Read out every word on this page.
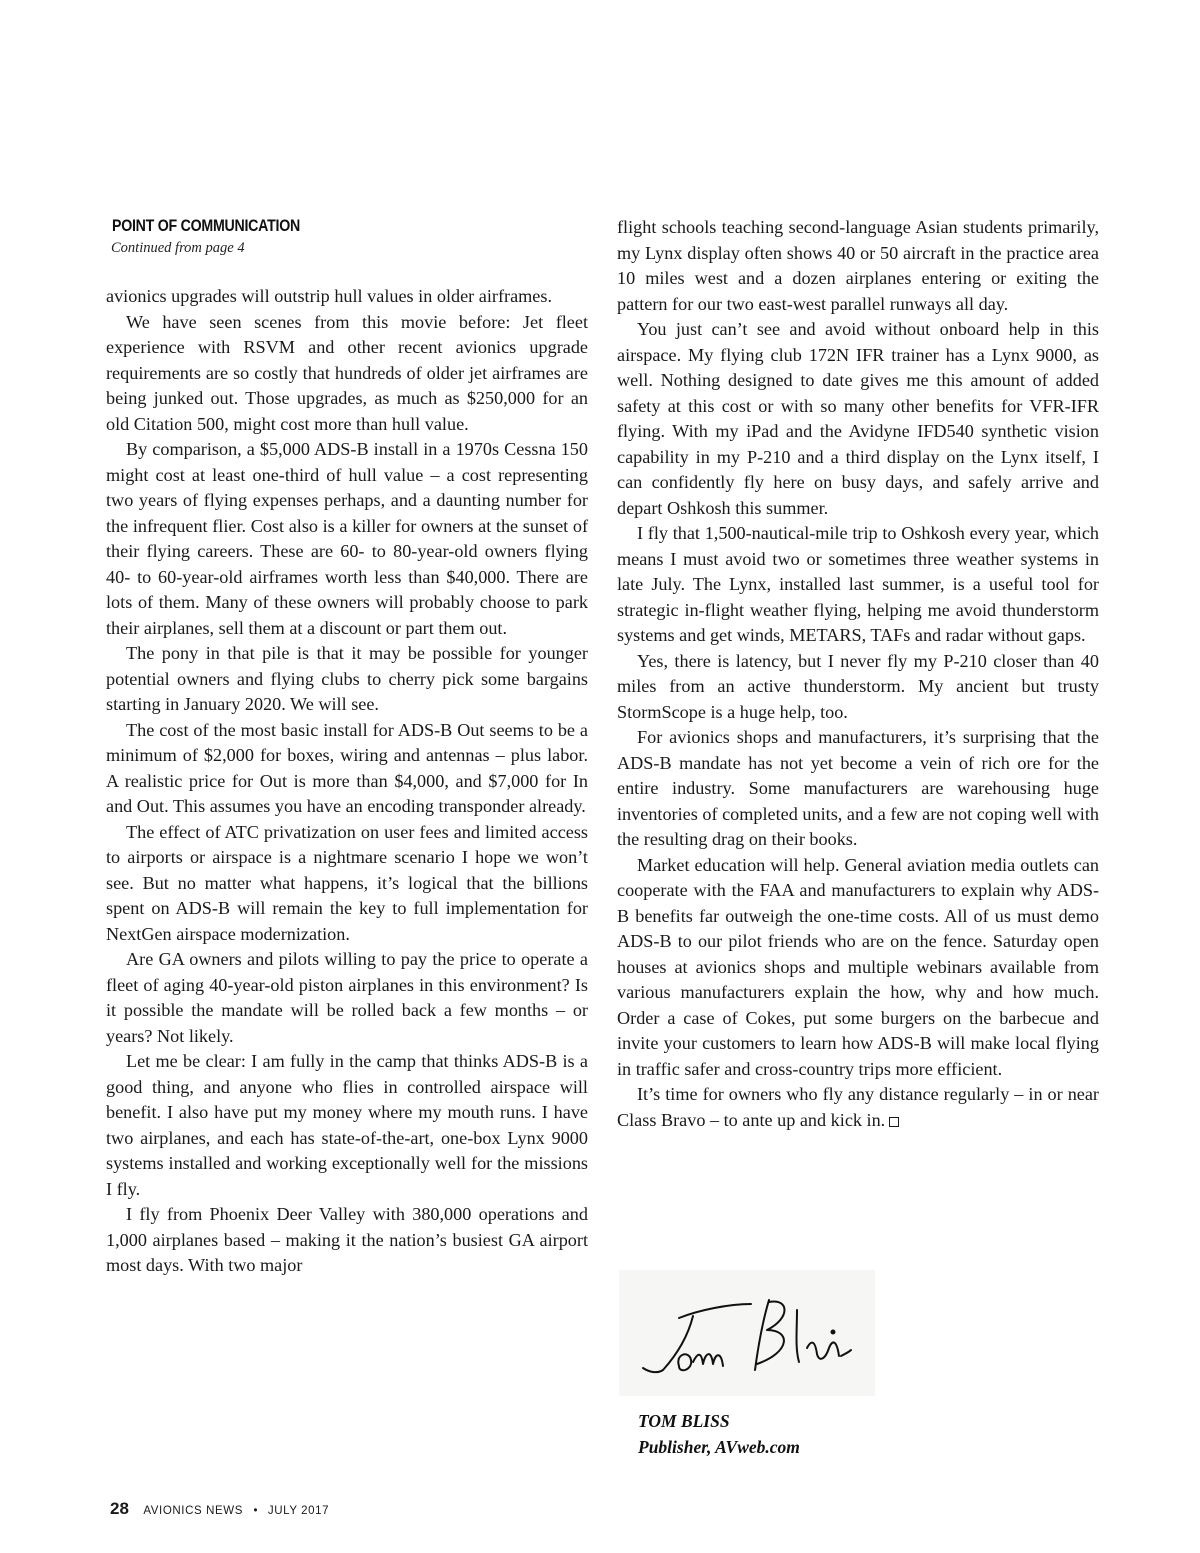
POINT OF COMMUNICATION
Continued from page 4

avionics upgrades will outstrip hull values in older airframes.

We have seen scenes from this movie before: Jet fleet experience with RSVM and other recent avionics upgrade requirements are so costly that hundreds of older jet airframes are being junked out. Those upgrades, as much as $250,000 for an old Citation 500, might cost more than hull value.

By comparison, a $5,000 ADS-B install in a 1970s Cessna 150 might cost at least one-third of hull value – a cost representing two years of flying expenses perhaps, and a daunting number for the infrequent flier. Cost also is a killer for owners at the sunset of their flying careers. These are 60- to 80-year-old owners flying 40- to 60-year-old airframes worth less than $40,000. There are lots of them. Many of these owners will probably choose to park their airplanes, sell them at a discount or part them out.

The pony in that pile is that it may be possible for younger potential owners and flying clubs to cherry pick some bargains starting in January 2020. We will see.

The cost of the most basic install for ADS-B Out seems to be a minimum of $2,000 for boxes, wiring and antennas – plus labor. A realistic price for Out is more than $4,000, and $7,000 for In and Out. This assumes you have an encoding transponder already.

The effect of ATC privatization on user fees and limited access to airports or airspace is a nightmare scenario I hope we won’t see. But no matter what happens, it’s logical that the billions spent on ADS-B will remain the key to full implementation for NextGen airspace modernization.

Are GA owners and pilots willing to pay the price to operate a fleet of aging 40-year-old piston airplanes in this environment? Is it possible the mandate will be rolled back a few months – or years? Not likely.

Let me be clear: I am fully in the camp that thinks ADS-B is a good thing, and anyone who flies in controlled airspace will benefit. I also have put my money where my mouth runs. I have two airplanes, and each has state-of-the-art, one-box Lynx 9000 systems installed and working exceptionally well for the missions I fly.

I fly from Phoenix Deer Valley with 380,000 operations and 1,000 airplanes based – making it the nation’s busiest GA airport most days. With two major

flight schools teaching second-language Asian students primarily, my Lynx display often shows 40 or 50 aircraft in the practice area 10 miles west and a dozen airplanes entering or exiting the pattern for our two east-west parallel runways all day.

You just can’t see and avoid without onboard help in this airspace. My flying club 172N IFR trainer has a Lynx 9000, as well. Nothing designed to date gives me this amount of added safety at this cost or with so many other benefits for VFR-IFR flying. With my iPad and the Avidyne IFD540 synthetic vision capability in my P-210 and a third display on the Lynx itself, I can confidently fly here on busy days, and safely arrive and depart Oshkosh this summer.

I fly that 1,500-nautical-mile trip to Oshkosh every year, which means I must avoid two or sometimes three weather systems in late July. The Lynx, installed last summer, is a useful tool for strategic in-flight weather flying, helping me avoid thunderstorm systems and get winds, METARS, TAFs and radar without gaps.

Yes, there is latency, but I never fly my P-210 closer than 40 miles from an active thunderstorm. My ancient but trusty StormScope is a huge help, too.

For avionics shops and manufacturers, it’s surprising that the ADS-B mandate has not yet become a vein of rich ore for the entire industry. Some manufacturers are warehousing huge inventories of completed units, and a few are not coping well with the resulting drag on their books.

Market education will help. General aviation media outlets can cooperate with the FAA and manufacturers to explain why ADS-B benefits far outweigh the one-time costs. All of us must demo ADS-B to our pilot friends who are on the fence. Saturday open houses at avionics shops and multiple webinars available from various manufacturers explain the how, why and how much. Order a case of Cokes, put some burgers on the barbecue and invite your customers to learn how ADS-B will make local flying in traffic safer and cross-country trips more efficient.

It’s time for owners who fly any distance regularly – in or near Class Bravo – to ante up and kick in.

TOM BLISS
Publisher, AVweb.com
28 AVIONICS NEWS • JULY 2017
